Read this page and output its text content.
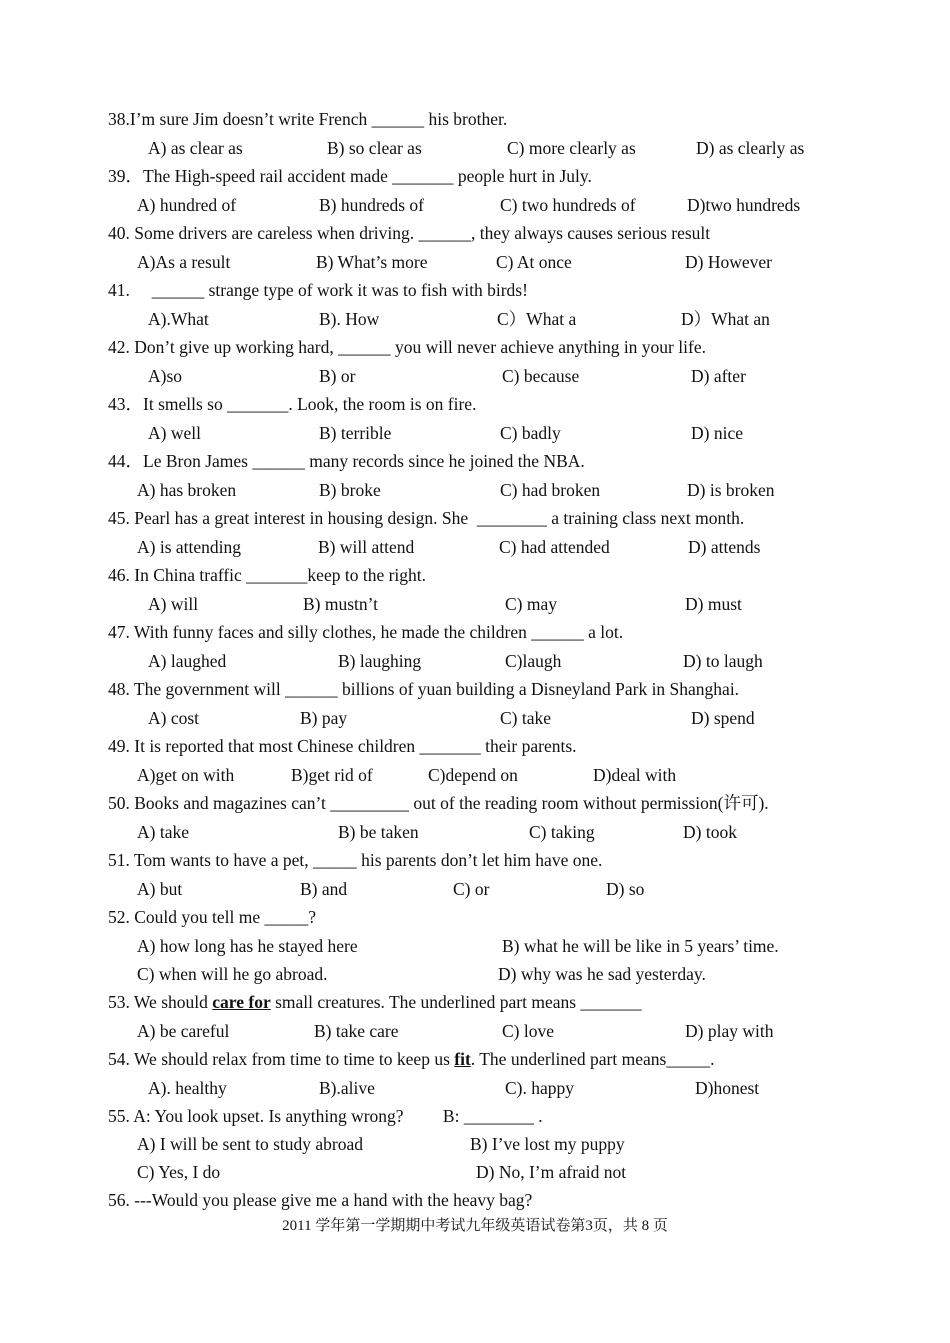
38.I’m sure Jim doesn’t write French ______ his brother.
A) as clear as	B) so clear as	C) more clearly as	D) as clearly as
39．The High-speed rail accident made _______ people hurt in July.
A) hundred of	B) hundreds of	C) two hundreds of	D)two hundreds
40. Some drivers are careless when driving. ______, they always causes serious result
A)As a result	B) What’s more	C) At once	D) However
41.     ______ strange type of work it was to fish with birds!
A).What	B). How	C）What a	D）What an
42. Don’t give up working hard, ______ you will never achieve anything in your life.
A)so	B) or	C) because	D) after
43．It smells so _______. Look, the room is on fire.
A) well	B) terrible	C) badly	D) nice
44．Le Bron James ______ many records since he joined the NBA.
A) has broken	B) broke	C) had broken	D) is broken
45. Pearl has a great interest in housing design. She  ________ a training class next month.
A) is attending	B) will attend	C) had attended	D) attends
46. In China traffic _______keep to the right.
A) will	B) mustn’t	C) may	D) must
47. With funny faces and silly clothes, he made the children ______ a lot.
A) laughed	B) laughing	C)laugh	D) to laugh
48. The government will ______ billions of yuan building a Disneyland Park in Shanghai.
A) cost	B) pay	C) take	D) spend
49. It is reported that most Chinese children _______ their parents.
A)get on with	B)get rid of	C)depend on	D)deal with
50. Books and magazines can’t _________ out of the reading room without permission(许可).
A) take	B) be taken	C) taking	D) took
51. Tom wants to have a pet, _____ his parents don’t let him have one.
A) but	B) and	C) or	D) so
52. Could you tell me _____?
A) how long has he stayed here	B) what he will be like in 5 years’ time.
C) when will he go abroad.	D) why was he sad yesterday.
53. We should care for small creatures. The underlined part means _______
A) be careful	B) take care	C) love	D) play with
54. We should relax from time to time to keep us fit. The underlined part means_____.
A). healthy	B).alive	C). happy	D)honest
55. A: You look upset. Is anything wrong?         B: ________ .
A) I will be sent to study abroad	B) I’ve lost my puppy
C) Yes, I do	D) No, I’m afraid not
56. ---Would you please give me a hand with the heavy bag?
2011 学年第一学期期中考试九年级英语试卷第3页，共 8 页
